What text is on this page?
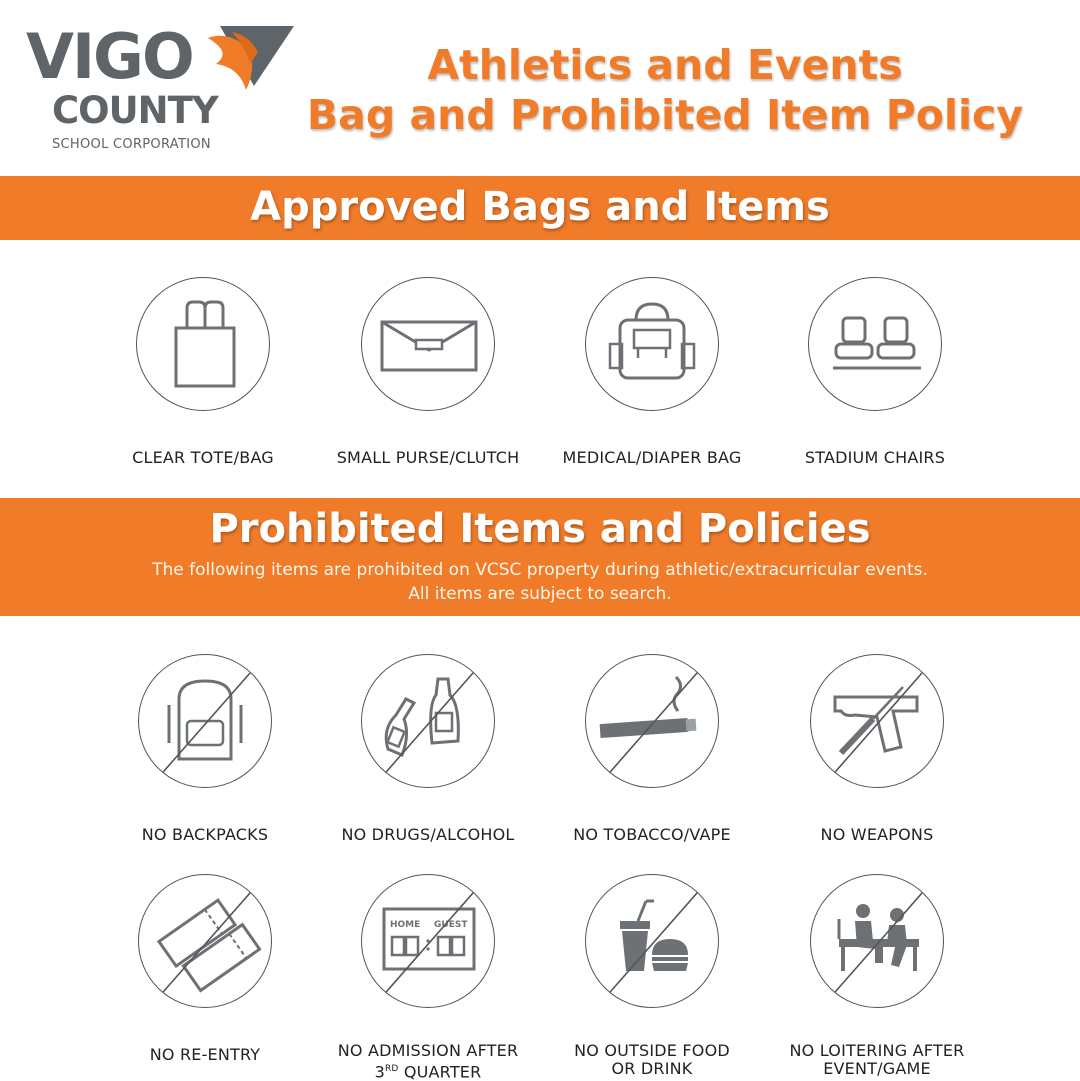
VIGO
COUNTY
SCHOOL CORPORATION
Athletics and Events
Bag and Prohibited Item Policy
Approved Bags and Items
CLEAR TOTE/BAG	SMALL PURSE/CLUTCH	MEDICAL/DIAPER BAG	STADIUM CHAIRS
Prohibited Items and Policies
The following items are prohibited on VCSC property during athletic/extracurricular events.
All items are subject to search.
NO BACKPACKS	NO DRUGS/ALCOHOL	NO TOBACCO/VAPE	NO WEAPONS
NO RE-ENTRY
HOME GUEST
NO ADMISSION AFTER
3RD QUARTER
NO OUTSIDE FOOD
OR DRINK
NO LOITERING AFTER
EVENT/GAME
